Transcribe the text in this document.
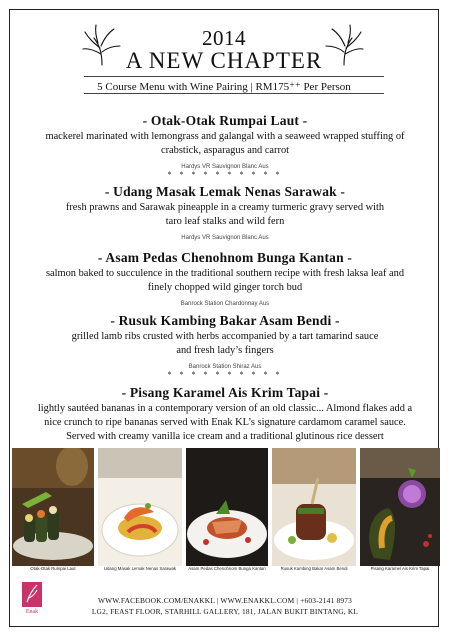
2014
A NEW CHAPTER
5 Course Menu with Wine Pairing | RM175⁺⁺ Per Person
- Otak-Otak Rumpai Laut -

mackerel marinated with lemongrass and galangal with a seaweed wrapped stuffing of

crabstick, asparagus and carrot

Hardys VR Sauvignon Blanc Aus

* * * * * * * * * *
- Udang Masak Lemak Nenas Sarawak -

fresh prawns and Sarawak pineapple in a creamy turmeric gravy served with

taro leaf stalks and wild fern

Hardys VR Sauvignon Blanc Aus

- Asam Pedas Chenohnom Bunga Kantan -

salmon baked to succulence in the traditional southern recipe with fresh laksa leaf and

finely chopped wild ginger torch bud

Banrock Station Chardonnay Aus

- Rusuk Kambing Bakar Asam Bendi -

grilled lamb ribs crusted with herbs accompanied by a tart tamarind sauce

and fresh lady’s fingers

Banrock Station Shiraz Aus

* * * * * * * * * *
- Pisang Karamel Ais Krim Tapai -

lightly sautéed bananas in a contemporary version of an old classic... Almond flakes add a

nice crunch to ripe bananas served with Enak KL’s signature cardamom caramel sauce.

Served with creamy vanilla ice cream and a traditional glutinous rice dessert

Otak-Otak Rumpai Laut	Udang Masak Lemak Nenas Sarawak	Asam Pedas Chenohnom Bunga Kantan	Rusuk Kambing Bakar Asam Bendi	Pisang Karamel Ais Krim Tapai
Enak
WWW.FACEBOOK.COM/ENAKKL | WWW.ENAKKL.COM | +603-2141 8973
LG2, FEAST FLOOR, STARHILL GALLERY, 181, JALAN BUKIT BINTANG, KL
